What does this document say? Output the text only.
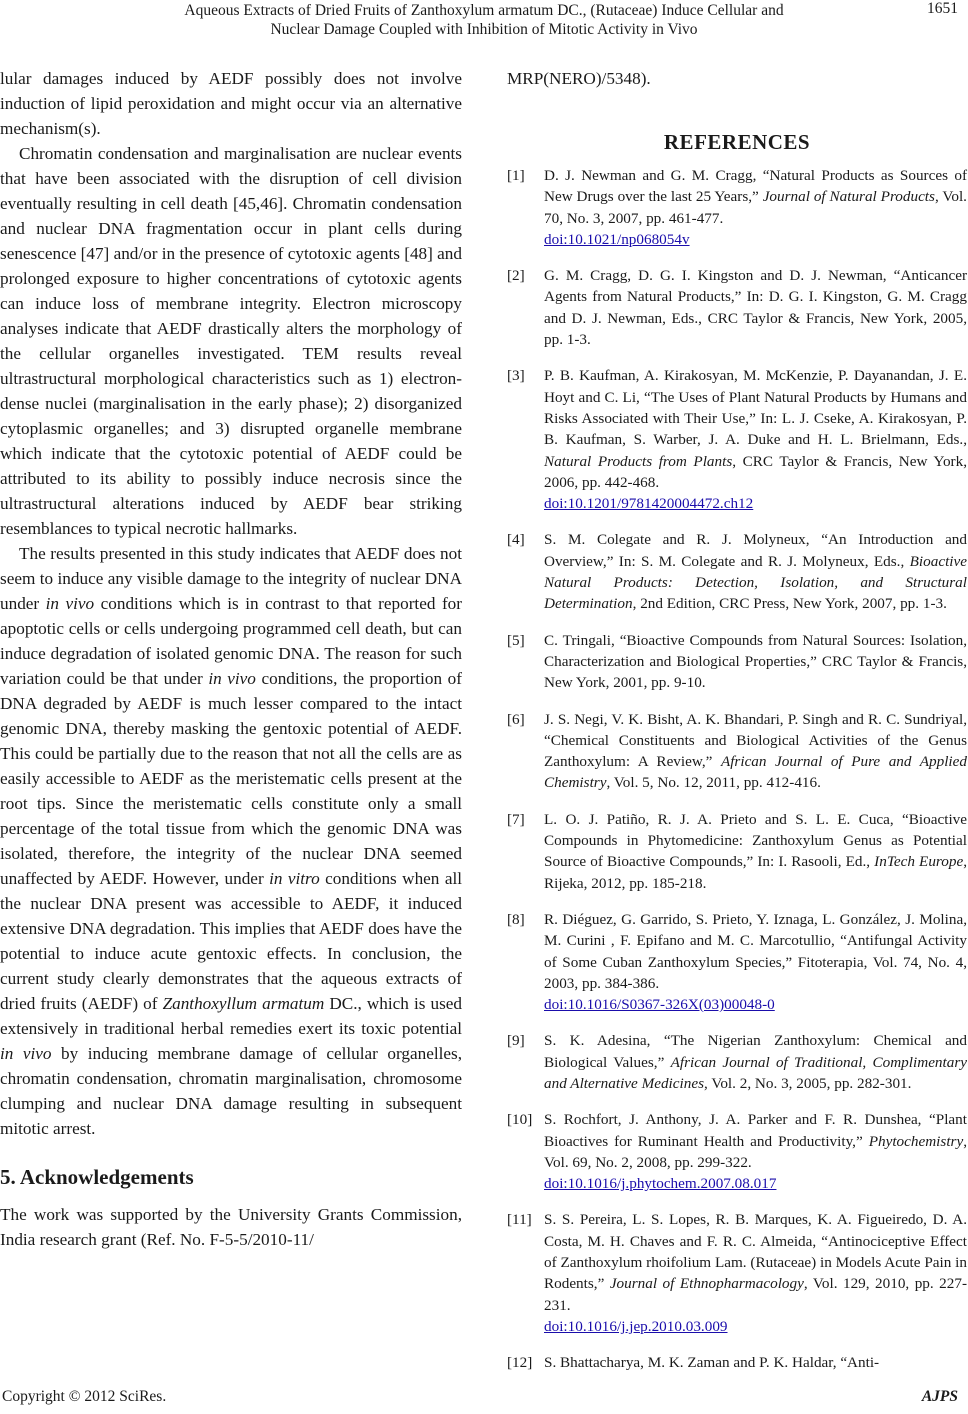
Aqueous Extracts of Dried Fruits of Zanthoxylum armatum DC., (Rutaceae) Induce Cellular and
Nuclear Damage Coupled with Inhibition of Mitotic Activity in Vivo
1651

lular damages induced by AEDF possibly does not involve induction of lipid peroxidation and might occur via an alternative mechanism(s).

Chromatin condensation and marginalisation are nuclear events that have been associated with the disruption of cell division eventually resulting in cell death [45,46]. Chromatin condensation and nuclear DNA fragmentation occur in plant cells during senescence [47] and/or in the presence of cytotoxic agents [48] and prolonged exposure to higher concentrations of cytotoxic agents can induce loss of membrane integrity. Electron microscopy analyses indicate that AEDF drastically alters the morphology of the cellular organelles investigated. TEM results reveal ultrastructural morphological characteristics such as 1) electron-dense nuclei (marginalisation in the early phase); 2) disorganized cytoplasmic organelles; and 3) disrupted organelle membrane which indicate that the cytotoxic potential of AEDF could be attributed to its ability to possibly induce necrosis since the ultrastructural alterations induced by AEDF bear striking resemblances to typical necrotic hallmarks.

The results presented in this study indicates that AEDF does not seem to induce any visible damage to the integrity of nuclear DNA under in vivo conditions which is in contrast to that reported for apoptotic cells or cells undergoing programmed cell death, but can induce degradation of isolated genomic DNA. The reason for such variation could be that under in vivo conditions, the proportion of DNA degraded by AEDF is much lesser compared to the intact genomic DNA, thereby masking the gentoxic potential of AEDF. This could be partially due to the reason that not all the cells are as easily accessible to AEDF as the meristematic cells present at the root tips. Since the meristematic cells constitute only a small percentage of the total tissue from which the genomic DNA was isolated, therefore, the integrity of the nuclear DNA seemed unaffected by AEDF. However, under in vitro conditions when all the nuclear DNA present was accessible to AEDF, it induced extensive DNA degradation. This implies that AEDF does have the potential to induce acute gentoxic effects. In conclusion, the current study clearly demonstrates that the aqueous extracts of dried fruits (AEDF) of Zanthoxyllum armatum DC., which is used extensively in traditional herbal remedies exert its toxic potential in vivo by inducing membrane damage of cellular organelles, chromatin condensation, chromatin marginalisation, chromosome clumping and nuclear DNA damage resulting in subsequent mitotic arrest.

5. Acknowledgements

The work was supported by the University Grants Commission, India research grant (Ref. No. F-5-5/2010-11/

MRP(NERO)/5348).

REFERENCES
[1]	D. J. Newman and G. M. Cragg, “Natural Products as Sources of New Drugs over the last 25 Years,” Journal of Natural Products, Vol. 70, No. 3, 2007, pp. 461-477.
doi:10.1021/np068054v
[2]	G. M. Cragg, D. G. I. Kingston and D. J. Newman, “Anticancer Agents from Natural Products,” In: D. G. I. Kingston, G. M. Cragg and D. J. Newman, Eds., CRC Taylor & Francis, New York, 2005, pp. 1-3.
[3]	P. B. Kaufman, A. Kirakosyan, M. McKenzie, P. Dayanandan, J. E. Hoyt and C. Li, “The Uses of Plant Natural Products by Humans and Risks Associated with Their Use,” In: L. J. Cseke, A. Kirakosyan, P. B. Kaufman, S. Warber, J. A. Duke and H. L. Brielmann, Eds., Natural Products from Plants, CRC Taylor & Francis, New York, 2006, pp. 442-468.
doi:10.1201/9781420004472.ch12
[4]	S. M. Colegate and R. J. Molyneux, “An Introduction and Overview,” In: S. M. Colegate and R. J. Molyneux, Eds., Bioactive Natural Products: Detection, Isolation, and Structural Determination, 2nd Edition, CRC Press, New York, 2007, pp. 1-3.
[5]	C. Tringali, “Bioactive Compounds from Natural Sources: Isolation, Characterization and Biological Properties,” CRC Taylor & Francis, New York, 2001, pp. 9-10.
[6]	J. S. Negi, V. K. Bisht, A. K. Bhandari, P. Singh and R. C. Sundriyal, “Chemical Constituents and Biological Activities of the Genus Zanthoxylum: A Review,” African Journal of Pure and Applied Chemistry, Vol. 5, No. 12, 2011, pp. 412-416.
[7]	L. O. J. Patiño, R. J. A. Prieto and S. L. E. Cuca, “Bioactive Compounds in Phytomedicine: Zanthoxylum Genus as Potential Source of Bioactive Compounds,” In: I. Rasooli, Ed., InTech Europe, Rijeka, 2012, pp. 185-218.
[8]	R. Diéguez, G. Garrido, S. Prieto, Y. Iznaga, L. González, J. Molina, M. Curini , F. Epifano and M. C. Marcotullio, “Antifungal Activity of Some Cuban Zanthoxylum Species,” Fitoterapia, Vol. 74, No. 4, 2003, pp. 384-386.
doi:10.1016/S0367-326X(03)00048-0
[9]	S. K. Adesina, “The Nigerian Zanthoxylum: Chemical and Biological Values,” African Journal of Traditional, Complimentary and Alternative Medicines, Vol. 2, No. 3, 2005, pp. 282-301.
[10] S. Rochfort, J. Anthony, J. A. Parker and F. R. Dunshea, “Plant Bioactives for Ruminant Health and Productivity,” Phytochemistry, Vol. 69, No. 2, 2008, pp. 299-322.
doi:10.1016/j.phytochem.2007.08.017
[11] S. S. Pereira, L. S. Lopes, R. B. Marques, K. A. Figueiredo, D. A. Costa, M. H. Chaves and F. R. C. Almeida, “Antinociceptive Effect of Zanthoxylum rhoifolium Lam. (Rutaceae) in Models Acute Pain in Rodents,” Journal of Ethnopharmacology, Vol. 129, 2010, pp. 227-231.
doi:10.1016/j.jep.2010.03.009
[12] S. Bhattacharya, M. K. Zaman and P. K. Haldar, “Anti-
Copyright © 2012 SciRes.	AJPS
